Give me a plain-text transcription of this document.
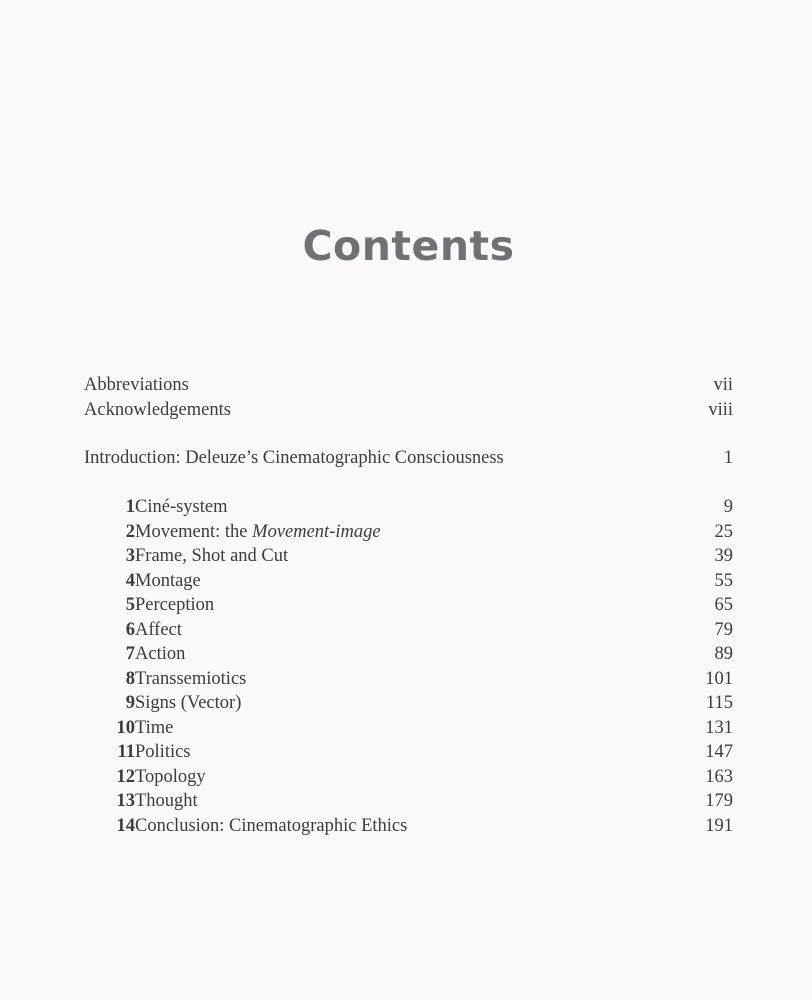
Contents
Abbreviations	vii
Acknowledgements	viii
Introduction: Deleuze’s Cinematographic Consciousness	1
1 Ciné-system	9
2 Movement: the Movement-image	25
3 Frame, Shot and Cut	39
4 Montage	55
5 Perception	65
6 Affect	79
7 Action	89
8 Transsemiotics	101
9 Signs (Vector)	115
10 Time	131
11 Politics	147
12 Topology	163
13 Thought	179
14 Conclusion: Cinematographic Ethics	191
